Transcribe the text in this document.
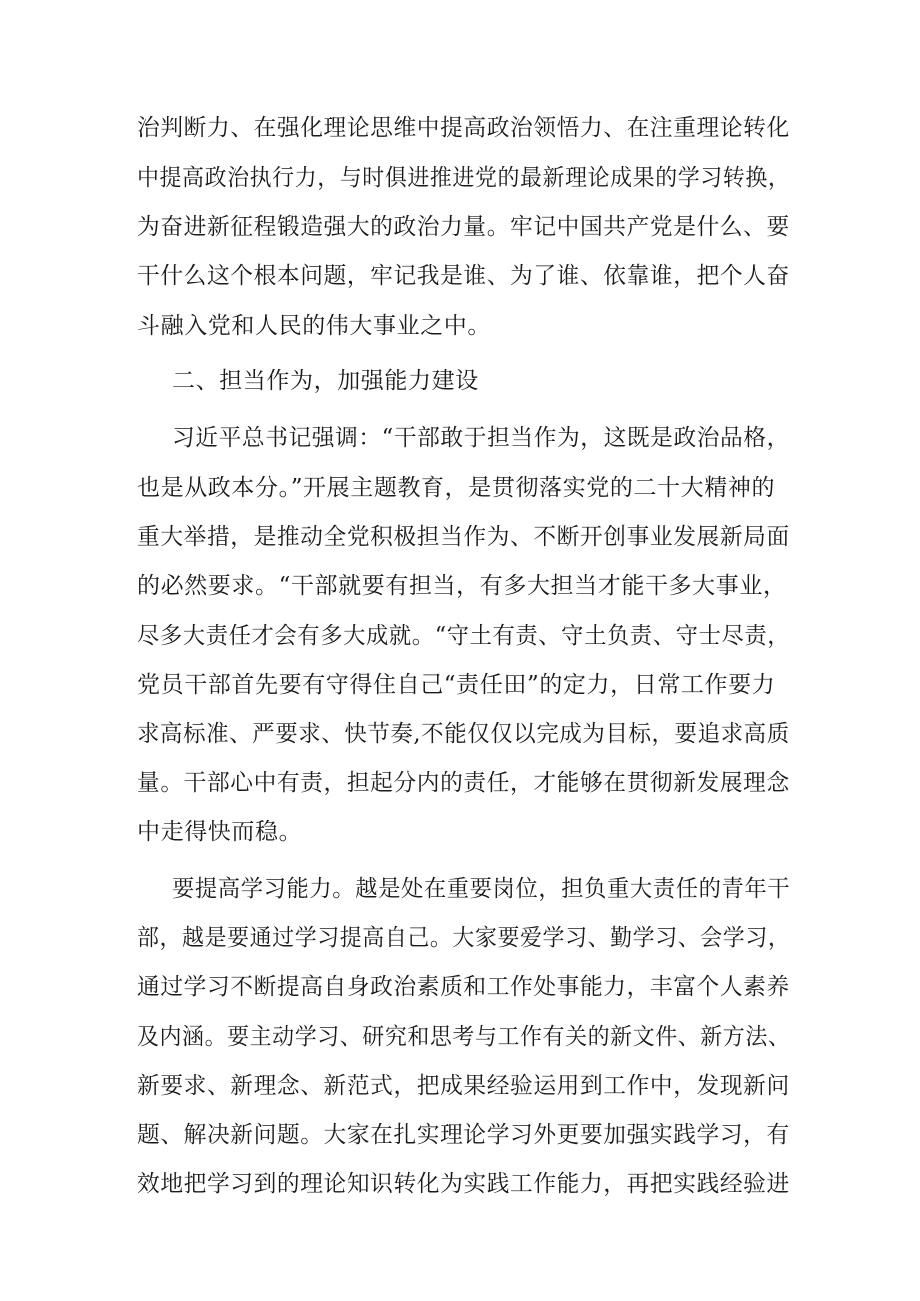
治判断力、在强化理论思维中提高政治领悟力、在注重理论转化
中提高政治执行力，与时俱进推进党的最新理论成果的学习转换，
为奋进新征程锻造强大的政治力量。牢记中国共产党是什么、要
干什么这个根本问题，牢记我是谁、为了谁、依靠谁，把个人奋
斗融入党和人民的伟大事业之中。
二、担当作为，加强能力建设
习近平总书记强调：“干部敢于担当作为，这既是政治品格，
也是从政本分。”开展主题教育，是贯彻落实党的二十大精神的
重大举措，是推动全党积极担当作为、不断开创事业发展新局面
的必然要求。“干部就要有担当，有多大担当才能干多大事业，
尽多大责任才会有多大成就。“守土有责、守土负责、守士尽责，
党员干部首先要有守得住自己“责任田”的定力，日常工作要力
求高标准、严要求、快节奏,不能仅仅以完成为目标，要追求高质
量。干部心中有责，担起分内的责任，才能够在贯彻新发展理念
中走得快而稳。
要提高学习能力。越是处在重要岗位，担负重大责任的青年干
部，越是要通过学习提高自己。大家要爱学习、勤学习、会学习，
通过学习不断提高自身政治素质和工作处事能力，丰富个人素养
及内涵。要主动学习、研究和思考与工作有关的新文件、新方法、
新要求、新理念、新范式，把成果经验运用到工作中，发现新问
题、解决新问题。大家在扎实理论学习外更要加强实践学习，有
效地把学习到的理论知识转化为实践工作能力，再把实践经验进
